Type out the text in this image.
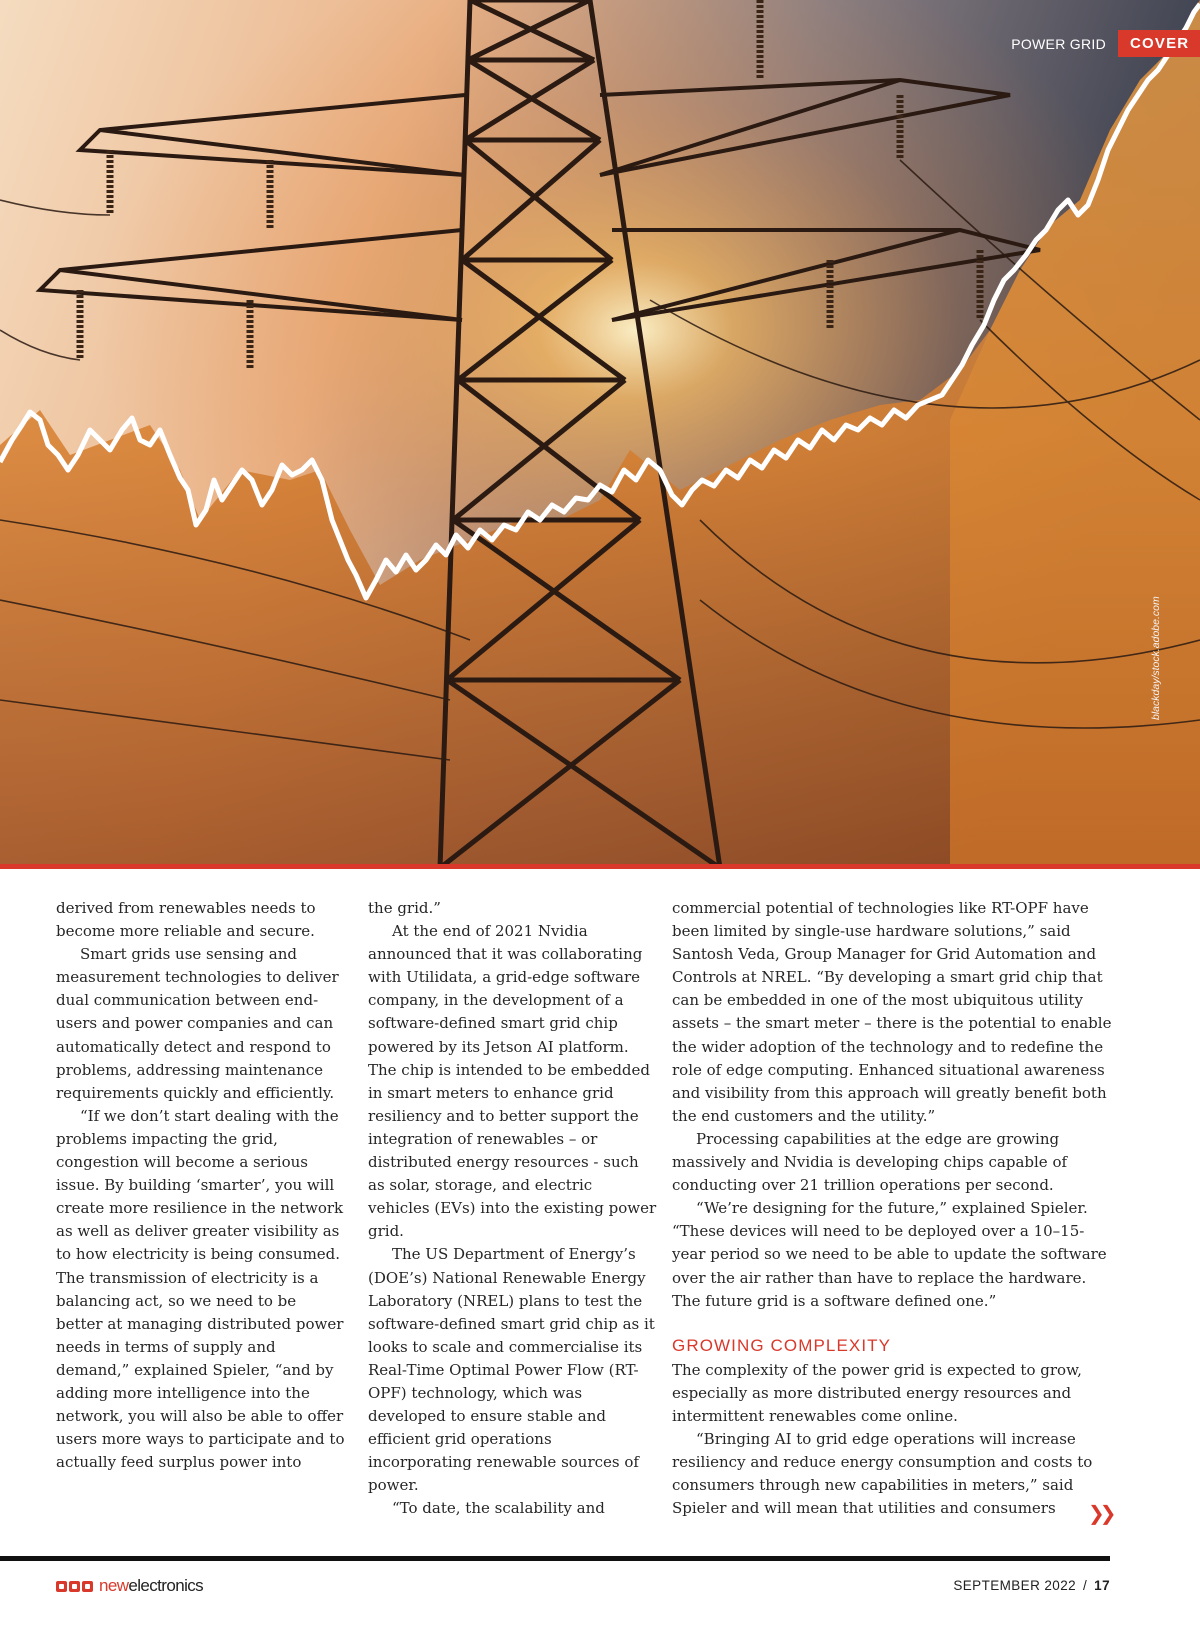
POWER GRID	COVER
blackday/stock.adobe.com

derived from renewables needs to become more reliable and secure.

Smart grids use sensing and measurement technologies to deliver dual communication between end-users and power companies and can automatically detect and respond to problems, addressing maintenance requirements quickly and efficiently.

“If we don’t start dealing with the problems impacting the grid, congestion will become a serious issue. By building ‘smarter’, you will create more resilience in the network as well as deliver greater visibility as to how electricity is being consumed. The transmission of electricity is a balancing act, so we need to be better at managing distributed power needs in terms of supply and demand,” explained Spieler, “and by adding more intelligence into the network, you will also be able to offer users more ways to participate and to actually feed surplus power into

the grid.”

At the end of 2021 Nvidia announced that it was collaborating with Utilidata, a grid-edge software company, in the development of a software-defined smart grid chip powered by its Jetson AI platform. The chip is intended to be embedded in smart meters to enhance grid resiliency and to better support the integration of renewables – or distributed energy resources - such as solar, storage, and electric vehicles (EVs) into the existing power grid.

The US Department of Energy’s (DOE’s) National Renewable Energy Laboratory (NREL) plans to test the software-defined smart grid chip as it looks to scale and commercialise its Real-Time Optimal Power Flow (RT-OPF) technology, which was developed to ensure stable and efficient grid operations incorporating renewable sources of power.

“To date, the scalability and

commercial potential of technologies like RT-OPF have been limited by single-use hardware solutions,” said Santosh Veda, Group Manager for Grid Automation and Controls at NREL. “By developing a smart grid chip that can be embedded in one of the most ubiquitous utility assets – the smart meter – there is the potential to enable the wider adoption of the technology and to redefine the role of edge computing. Enhanced situational awareness and visibility from this approach will greatly benefit both the end customers and the utility.”

Processing capabilities at the edge are growing massively and Nvidia is developing chips capable of conducting over 21 trillion operations per second.

“We’re designing for the future,” explained Spieler. “These devices will need to be deployed over a 10–15-year period so we need to be able to update the software over the air rather than have to replace the hardware. The future grid is a software defined one.”

GROWING COMPLEXITY

The complexity of the power grid is expected to grow, especially as more distributed energy resources and intermittent renewables come online.

“Bringing AI to grid edge operations will increase resiliency and reduce energy consumption and costs to consumers through new capabilities in meters,” said Spieler and will mean that utilities and consumers	❯❯
newelectronics	SEPTEMBER 2022 / 17
